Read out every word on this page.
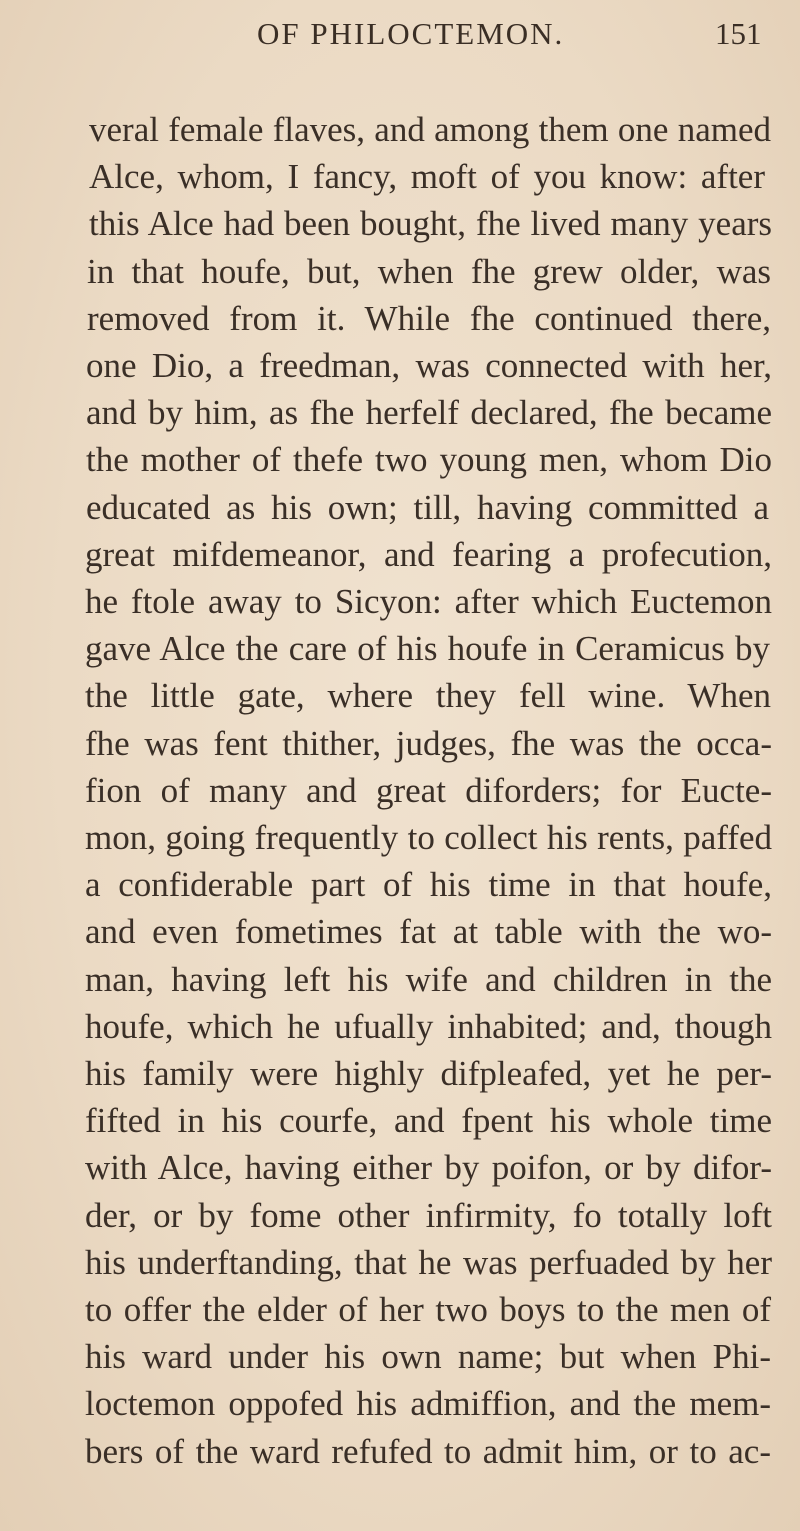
OF PHILOCTEMON.	151
veral female flaves, and among them one named
Alce, whom, I fancy, moft of you know: after
this Alce had been bought, fhe lived many years
in that houfe, but, when fhe grew older, was
removed from it. While fhe continued there,
one Dio, a freedman, was connected with her,
and by him, as fhe herfelf declared, fhe became
the mother of thefe two young men, whom Dio
educated as his own; till, having committed a
great mifdemeanor, and fearing a profecution,
he ftole away to Sicyon: after which Euctemon
gave Alce the care of his houfe in Ceramicus by
the little gate, where they fell wine. When
fhe was fent thither, judges, fhe was the occa-
fion of many and great diforders; for Eucte-
mon, going frequently to collect his rents, paffed
a confiderable part of his time in that houfe,
and even fometimes fat at table with the wo-
man, having left his wife and children in the
houfe, which he ufually inhabited; and, though
his family were highly difpleafed, yet he per-
fifted in his courfe, and fpent his whole time
with Alce, having either by poifon, or by difor-
der, or by fome other infirmity, fo totally loft
his underftanding, that he was perfuaded by her
to offer the elder of her two boys to the men of
his ward under his own name; but when Phi-
loctemon oppofed his admiffion, and the mem-
bers of the ward refufed to admit him, or to ac-
